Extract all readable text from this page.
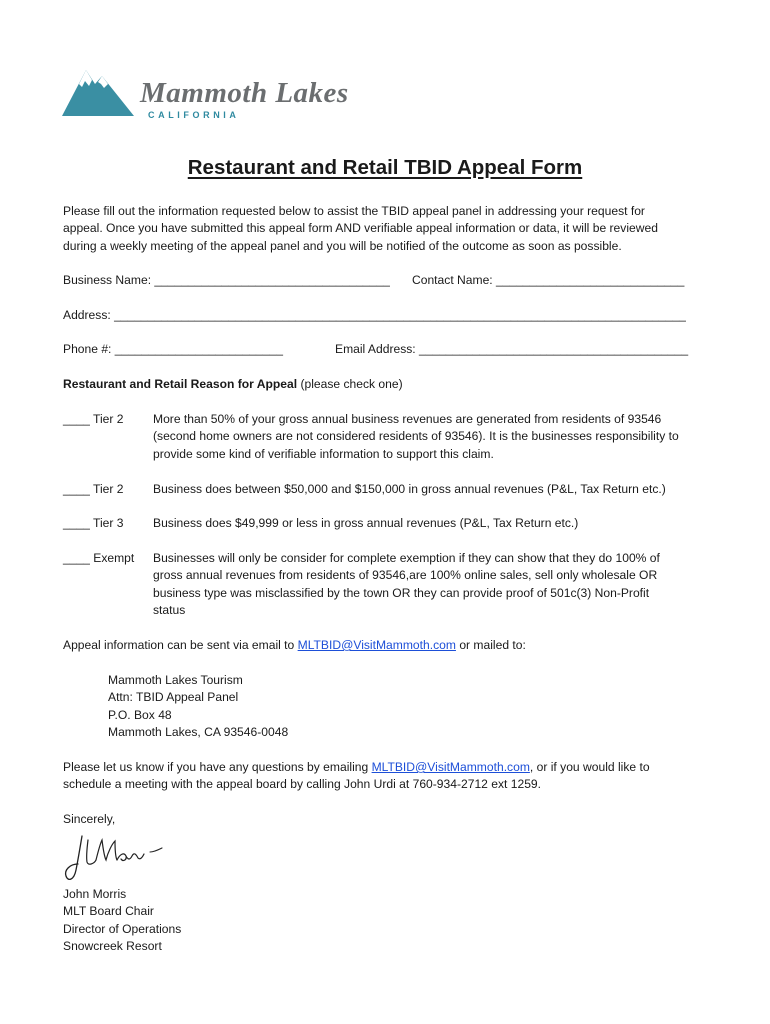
Mammoth Lakes
CALIFORNIA
Restaurant and Retail TBID Appeal Form
Please fill out the information requested below to assist the TBID appeal panel in addressing your request for
appeal. Once you have submitted this appeal form AND verifiable appeal information or data, it will be reviewed
during a weekly meeting of the appeal panel and you will be notified of the outcome as soon as possible.
Business Name: ___________________________________ Contact Name: ____________________________
Address: _____________________________________________________________________________________
Phone #: _________________________	Email Address: ________________________________________
Restaurant and Retail Reason for Appeal (please check one)
____ Tier 2 More than 50% of your gross annual business revenues are generated from residents of 93546
(second home owners are not considered residents of 93546). It is the businesses responsibility to
provide some kind of verifiable information to support this claim.
____ Tier 2 Business does between $50,000 and $150,000 in gross annual revenues (P&L, Tax Return etc.)
____ Tier 3 Business does $49,999 or less in gross annual revenues (P&L, Tax Return etc.)
____ Exempt Businesses will only be consider for complete exemption if they can show that they do 100% of
gross annual revenues from residents of 93546,are 100% online sales, sell only wholesale OR
business type was misclassified by the town OR they can provide proof of 501c(3) Non-Profit
status
Appeal information can be sent via email to MLTBID@VisitMammoth.com or mailed to:
Mammoth Lakes Tourism
Attn: TBID Appeal Panel
P.O. Box 48
Mammoth Lakes, CA 93546-0048
Please let us know if you have any questions by emailing MLTBID@VisitMammoth.com, or if you would like to
schedule a meeting with the appeal board by calling John Urdi at 760-934-2712 ext 1259.
Sincerely,
John Morris
MLT Board Chair
Director of Operations
Snowcreek Resort
